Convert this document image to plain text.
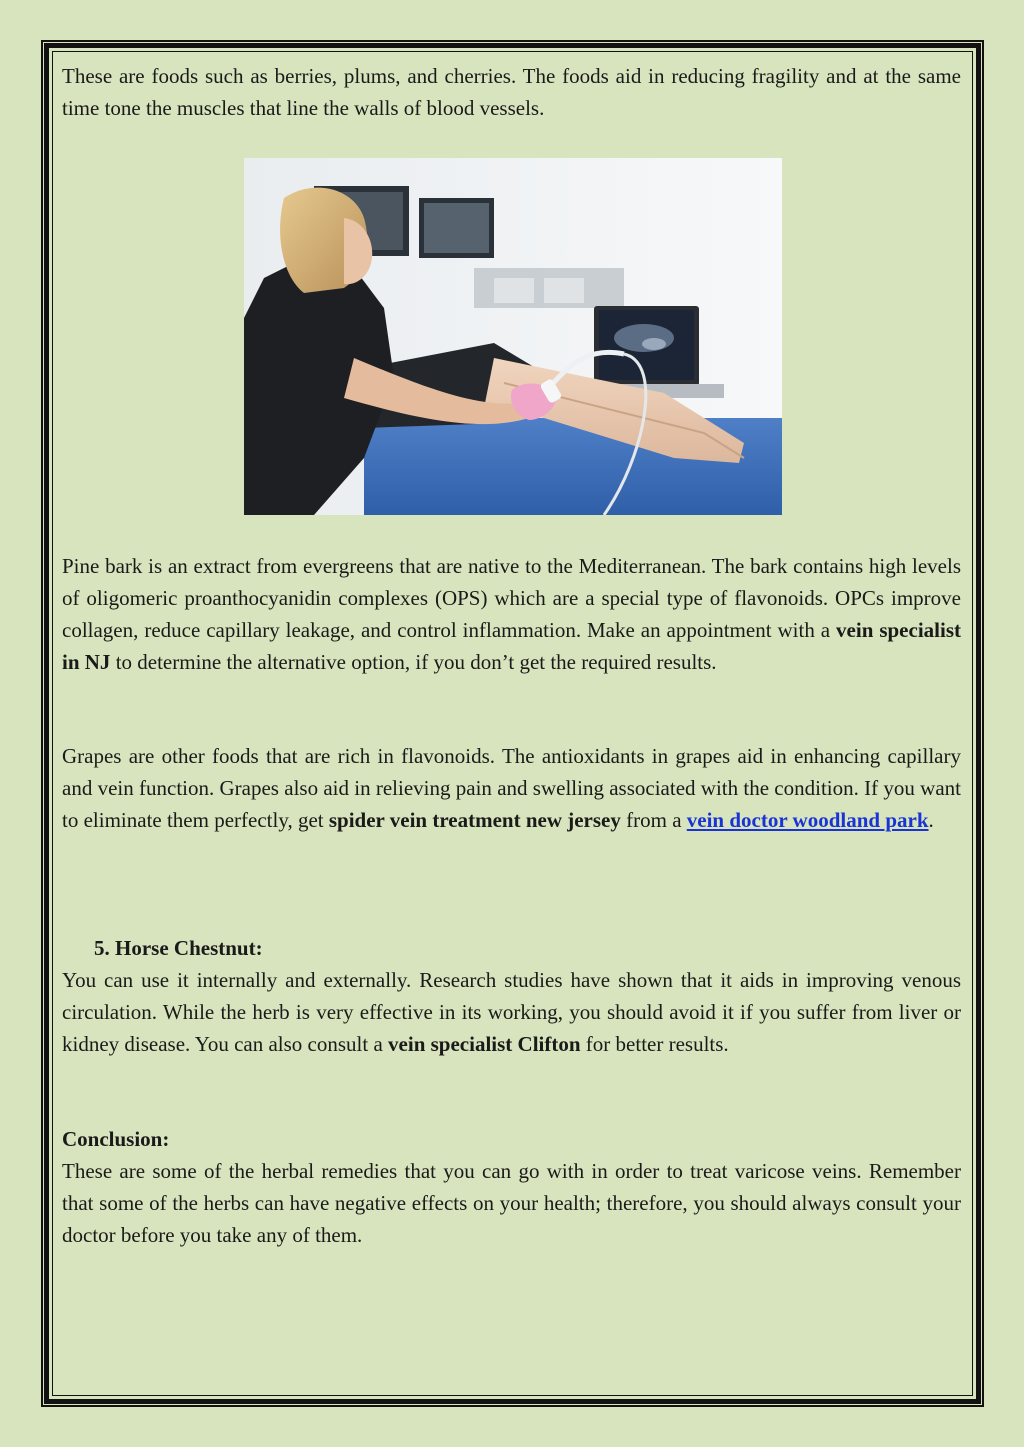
These are foods such as berries, plums, and cherries. The foods aid in reducing fragility and at the same time tone the muscles that line the walls of blood vessels.

Pine bark is an extract from evergreens that are native to the Mediterranean. The bark contains high levels of oligomeric proanthocyanidin complexes (OPS) which are a special type of flavonoids. OPCs improve collagen, reduce capillary leakage, and control inflammation. Make an appointment with a vein specialist in NJ to determine the alternative option, if you don’t get the required results.

Grapes are other foods that are rich in flavonoids. The antioxidants in grapes aid in enhancing capillary and vein function. Grapes also aid in relieving pain and swelling associated with the condition. If you want to eliminate them perfectly, get spider vein treatment new jersey from a vein doctor woodland park.

5. Horse Chestnut:

You can use it internally and externally. Research studies have shown that it aids in improving venous circulation. While the herb is very effective in its working, you should avoid it if you suffer from liver or kidney disease. You can also consult a vein specialist Clifton for better results.

Conclusion:

These are some of the herbal remedies that you can go with in order to treat varicose veins. Remember that some of the herbs can have negative effects on your health; therefore, you should always consult your doctor before you take any of them.
